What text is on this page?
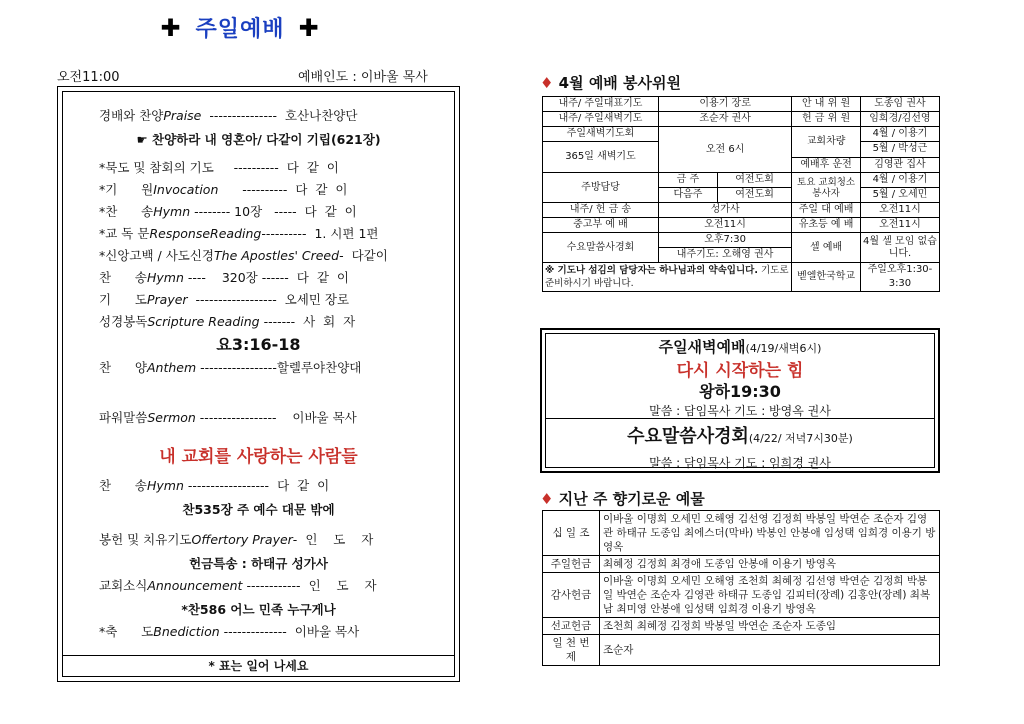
✚ 주일예배 ✚
오전11:00	예배인도 : 이바울 목사
경배와 찬양Praise  --------------- 호산나찬양단
☛ 찬양하라 내 영혼아/ 다같이 기립(621장)
*묵도 및 참회의 기도     ---------- 다  같  이
*기      원Invocation      ---------- 다  같  이
*찬      송Hymn -------- 10장   ----- 다  같  이
*교 독 문ResponseReading---------- 1. 시편 1편
*신앙고백 / 사도신경The Apostles' Creed- 다같이
찬      송Hymn ----    320장 ------ 다  같  이
기      도Prayer  ------------------ 오세민 장로
성경봉독Scripture Reading ------- 사  회  자
요3:16-18
찬      양Anthem -----------------할렐루야찬양대
파워말씀Sermon ----------------- 이바울 목사
내 교회를 사랑하는 사람들
찬      송Hymn ------------------ 다  같  이
찬535장 주 예수 대문 밖에
봉헌 및 치유기도Offertory Prayer- 인    도    자
헌금특송 : 하태규 성가사
교회소식Announcement ------------ 인    도    자
*찬586 어느 민족 누구게나
*축      도Bnediction -------------- 이바울 목사
* 표는 일어 나세요
♦ 4월 예배 봉사위원
내주/ 주일대표기도	이용기 장로		안 내 위 원	도종임 권사
내주/ 주일새벽기도	조순자 권사		헌 금 위 원	임희경/김선영
주일새벽기도회	오전 6시		교회차량	4월 / 이용기
365일 새벽기도				5월 / 박성근
			예배후 운전	김영관 집사
주방담당	금 주	여전도회	토요 교회청소 봉사자	4월 / 이용기
	다음주	여전도회		5월 / 오세민
내주/ 헌 금 송	성가사		주일 대 예배	오전11시
중고부 예 배	오전11시		유초등 예 배	오전11시
수요말씀사경회	오후7:30		셀 예배	4월 셀 모임 없습니다.
	내주기도: 오해영 권사			
※ 기도나 섬김의 담당자는 하나님과의 약속입니다. 기도로 준비하시기 바랍니다.			벧엘한국학교	주일오후1:30-3:30
주일새벽예배(4/19/새벽6시)
다시 시작하는 힘
왕하19:30
말씀 : 담임목사 기도 : 방영옥 권사
수요말씀사경회(4/22/ 저녁7시30분)
말씀 : 담임목사 기도 : 임희경 권사
♦ 지난 주 향기로운 예물
십 일 조	이바울 이명희 오세민 오해영 김선영 김정희 박봉일 박연순 조순자 김영관 하태규 도종임 최에스더(막바) 박봉인 안봉애 임성택 임희경 이용기 방영옥
주일헌금	최혜정 김정희 최경애 도종임 안봉애 이용기 방영옥
감사헌금	이바울 이명희 오세민 오해영 조천희 최혜정 김선영 박연순 김정희 박봉일 박연순 조순자 김영관 하태규 도종임 김피터(장례) 김홍안(장례) 최복남 최미영 안봉애 임성택 임희경 이용기 방영옥
선교헌금	조천희 최혜정 김정희 박봉일 박연순 조순자 도종임
일 천 번 제	조순자
